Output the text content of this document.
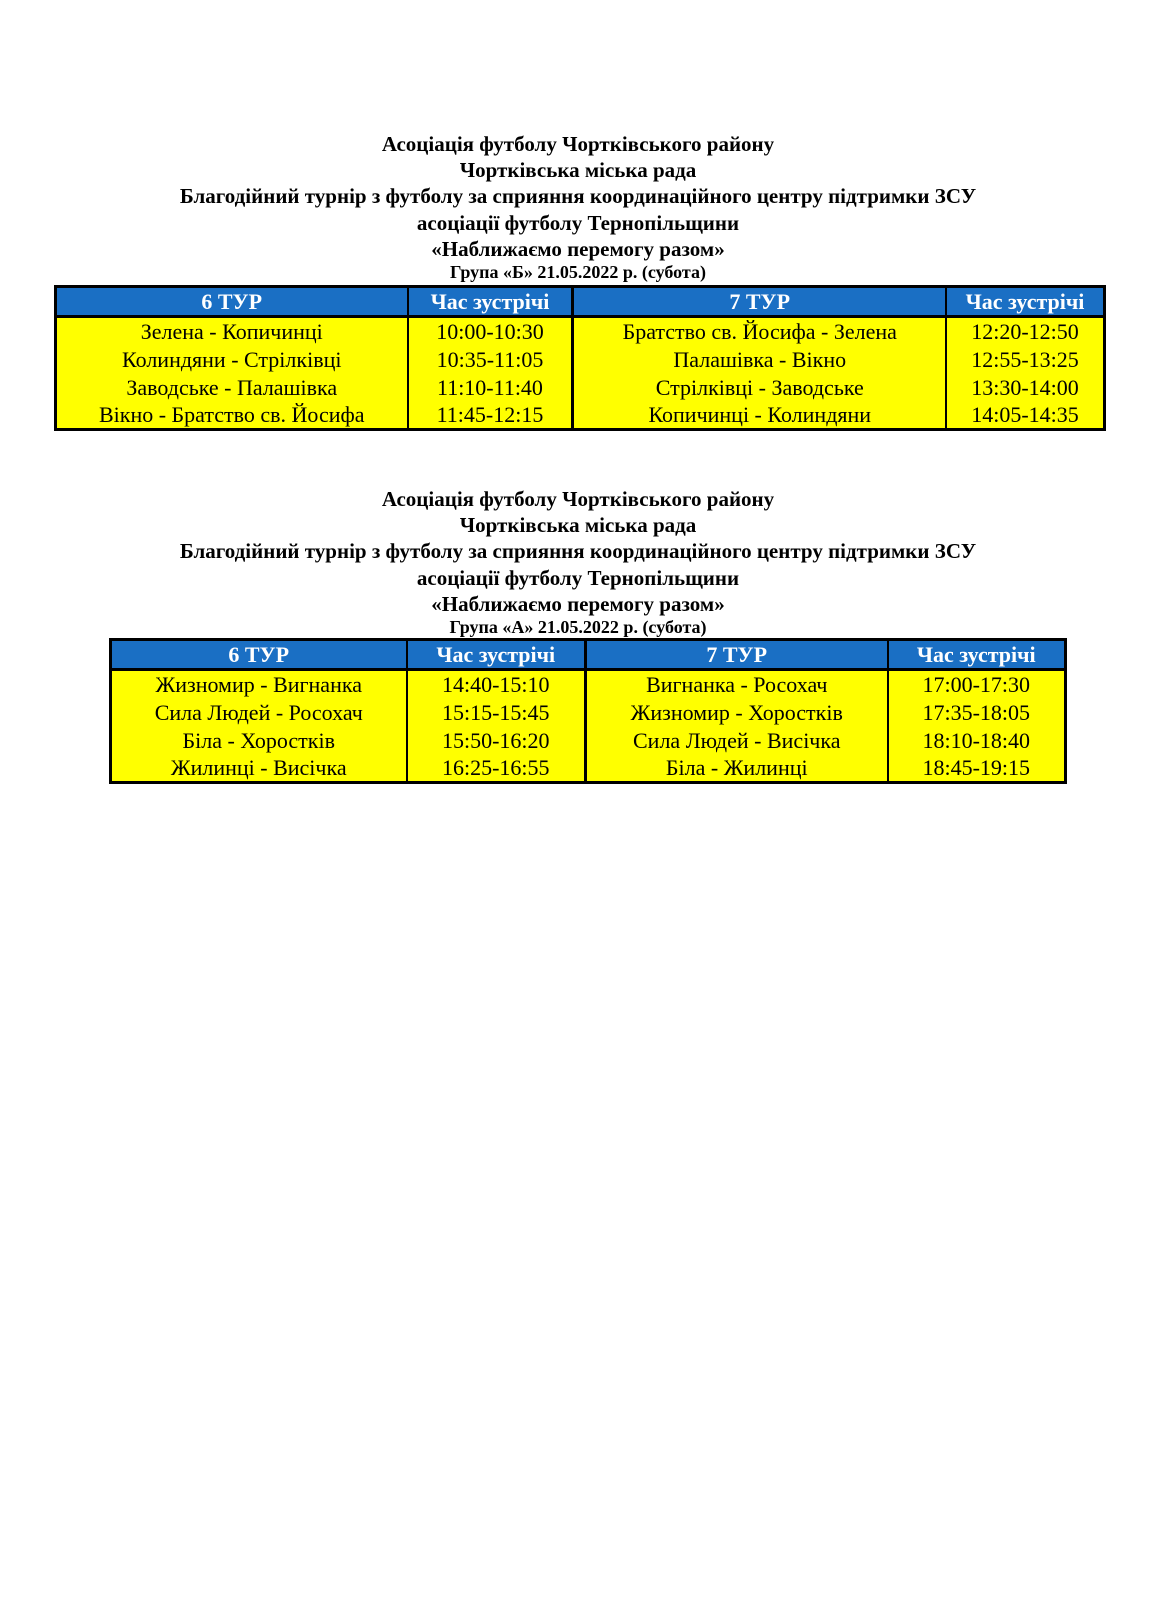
Асоціація футболу Чортківського району
Чортківська міська рада
Благодійний турнір з футболу за сприяння координаційного центру підтримки ЗСУ
асоціації футболу Тернопільщини
«Наближаємо перемогу разом»
Група «Б» 21.05.2022 р. (субота)
6 ТУР	Час зустрічі	7 ТУР	Час зустрічі
Зелена - Копичинці	10:00-10:30	Братство св. Йосифа - Зелена	12:20-12:50
Колиндяни - Стрілківці	10:35-11:05	Палашівка - Вікно	12:55-13:25
Заводське - Палашівка	11:10-11:40	Стрілківці - Заводське	13:30-14:00
Вікно - Братство св. Йосифа	11:45-12:15	Копичинці - Колиндяни	14:05-14:35
Асоціація футболу Чортківського району
Чортківська міська рада
Благодійний турнір з футболу за сприяння координаційного центру підтримки ЗСУ
асоціації футболу Тернопільщини
«Наближаємо перемогу разом»
Група «А» 21.05.2022 р. (субота)
6 ТУР	Час зустрічі	7 ТУР	Час зустрічі
Жизномир - Вигнанка	14:40-15:10	Вигнанка - Росохач	17:00-17:30
Сила Людей - Росохач	15:15-15:45	Жизномир - Хоростків	17:35-18:05
Біла - Хоростків	15:50-16:20	Сила Людей - Висічка	18:10-18:40
Жилинці - Висічка	16:25-16:55	Біла - Жилинці	18:45-19:15
